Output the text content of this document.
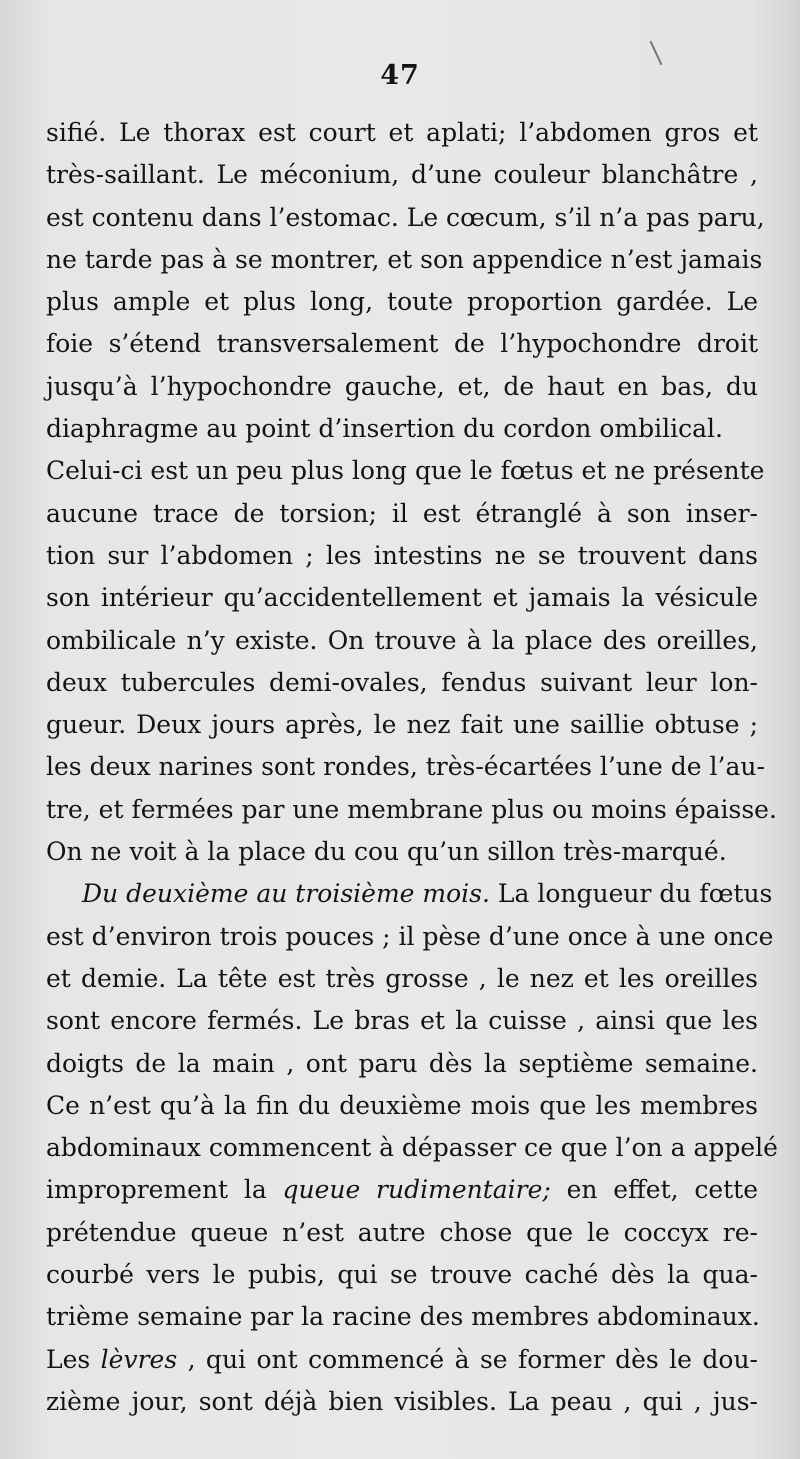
47
sifié. Le thorax est court et aplati; l’abdomen gros et
très-saillant. Le méconium, d’une couleur blanchâtre ,
est contenu dans l’estomac. Le cœcum, s’il n’a pas paru,
ne tarde pas à se montrer, et son appendice n’est jamais
plus ample et plus long, toute proportion gardée. Le
foie s’étend transversalement de l’hypochondre droit
jusqu’à l’hypochondre gauche, et, de haut en bas, du
diaphragme au point d’insertion du cordon ombilical.
Celui-ci est un peu plus long que le fœtus et ne présente
aucune trace de torsion; il est étranglé à son inser-
tion sur l’abdomen ; les intestins ne se trouvent dans
son intérieur qu’accidentellement et jamais la vésicule
ombilicale n’y existe. On trouve à la place des oreilles,
deux tubercules demi-ovales, fendus suivant leur lon-
gueur. Deux jours après, le nez fait une saillie obtuse ;
les deux narines sont rondes, très-écartées l’une de l’au-
tre, et fermées par une membrane plus ou moins épaisse.
On ne voit à la place du cou qu’un sillon très-marqué.
Du deuxième au troisième mois. La longueur du fœtus
est d’environ trois pouces ; il pèse d’une once à une once
et demie. La tête est très grosse , le nez et les oreilles
sont encore fermés. Le bras et la cuisse , ainsi que les
doigts de la main , ont paru dès la septième semaine.
Ce n’est qu’à la fin du deuxième mois que les membres
abdominaux commencent à dépasser ce que l’on a appelé
improprement la queue rudimentaire; en effet, cette
prétendue queue n’est autre chose que le coccyx re-
courbé vers le pubis, qui se trouve caché dès la qua-
trième semaine par la racine des membres abdominaux.
Les lèvres , qui ont commencé à se former dès le dou-
zième jour, sont déjà bien visibles. La peau , qui , jus-
